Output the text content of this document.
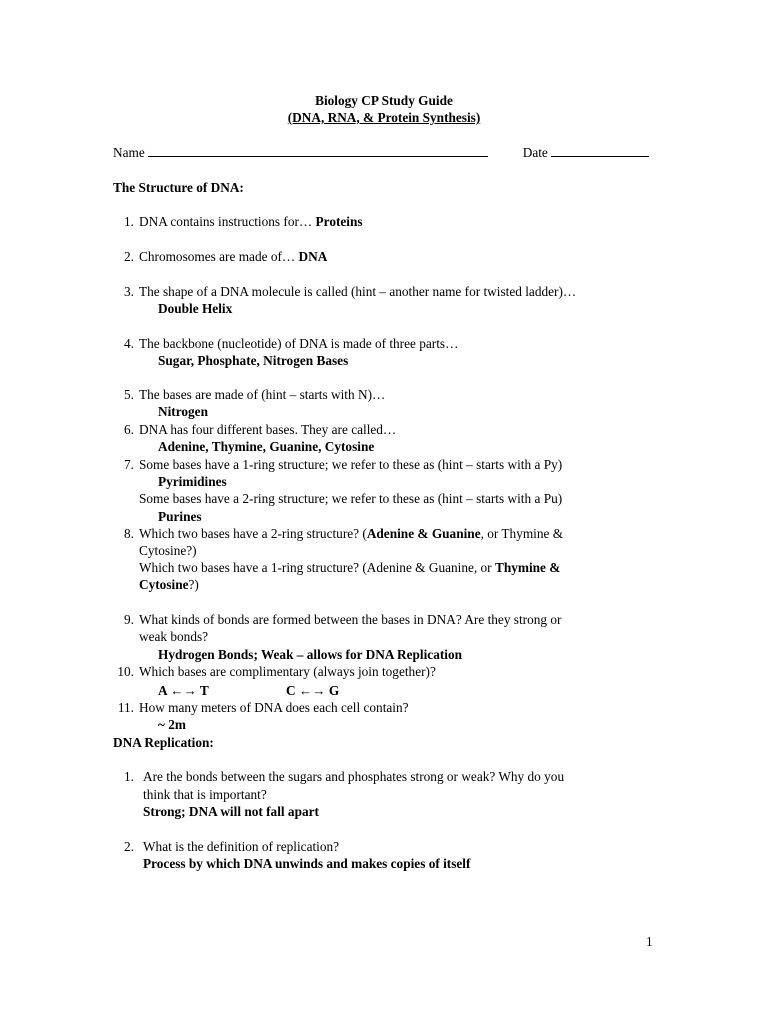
Biology CP Study Guide
(DNA, RNA, & Protein Synthesis)
Name	Date
The Structure of DNA:
1. DNA contains instructions for… Proteins
2. Chromosomes are made of… DNA
3. The shape of a DNA molecule is called (hint – another name for twisted ladder)…
Double Helix
4. The backbone (nucleotide) of DNA is made of three parts…
Sugar, Phosphate, Nitrogen Bases
5. The bases are made of (hint – starts with N)…
Nitrogen
6. DNA has four different bases. They are called…
Adenine, Thymine, Guanine, Cytosine
7. Some bases have a 1-ring structure; we refer to these as (hint – starts with a Py)
Pyrimidines
Some bases have a 2-ring structure; we refer to these as (hint – starts with a Pu)
Purines
8. Which two bases have a 2-ring structure? (Adenine & Guanine, or Thymine &
Cytosine?)
Which two bases have a 1-ring structure? (Adenine & Guanine, or Thymine &
Cytosine?)
9. What kinds of bonds are formed between the bases in DNA? Are they strong or
weak bonds?
Hydrogen Bonds; Weak – allows for DNA Replication
10. Which bases are complimentary (always join together)?
A ←→ T	C ←→ G
11. How many meters of DNA does each cell contain?
~ 2m
DNA Replication:
1. Are the bonds between the sugars and phosphates strong or weak? Why do you
think that is important?
Strong; DNA will not fall apart
2. What is the definition of replication?
Process by which DNA unwinds and makes copies of itself
1
